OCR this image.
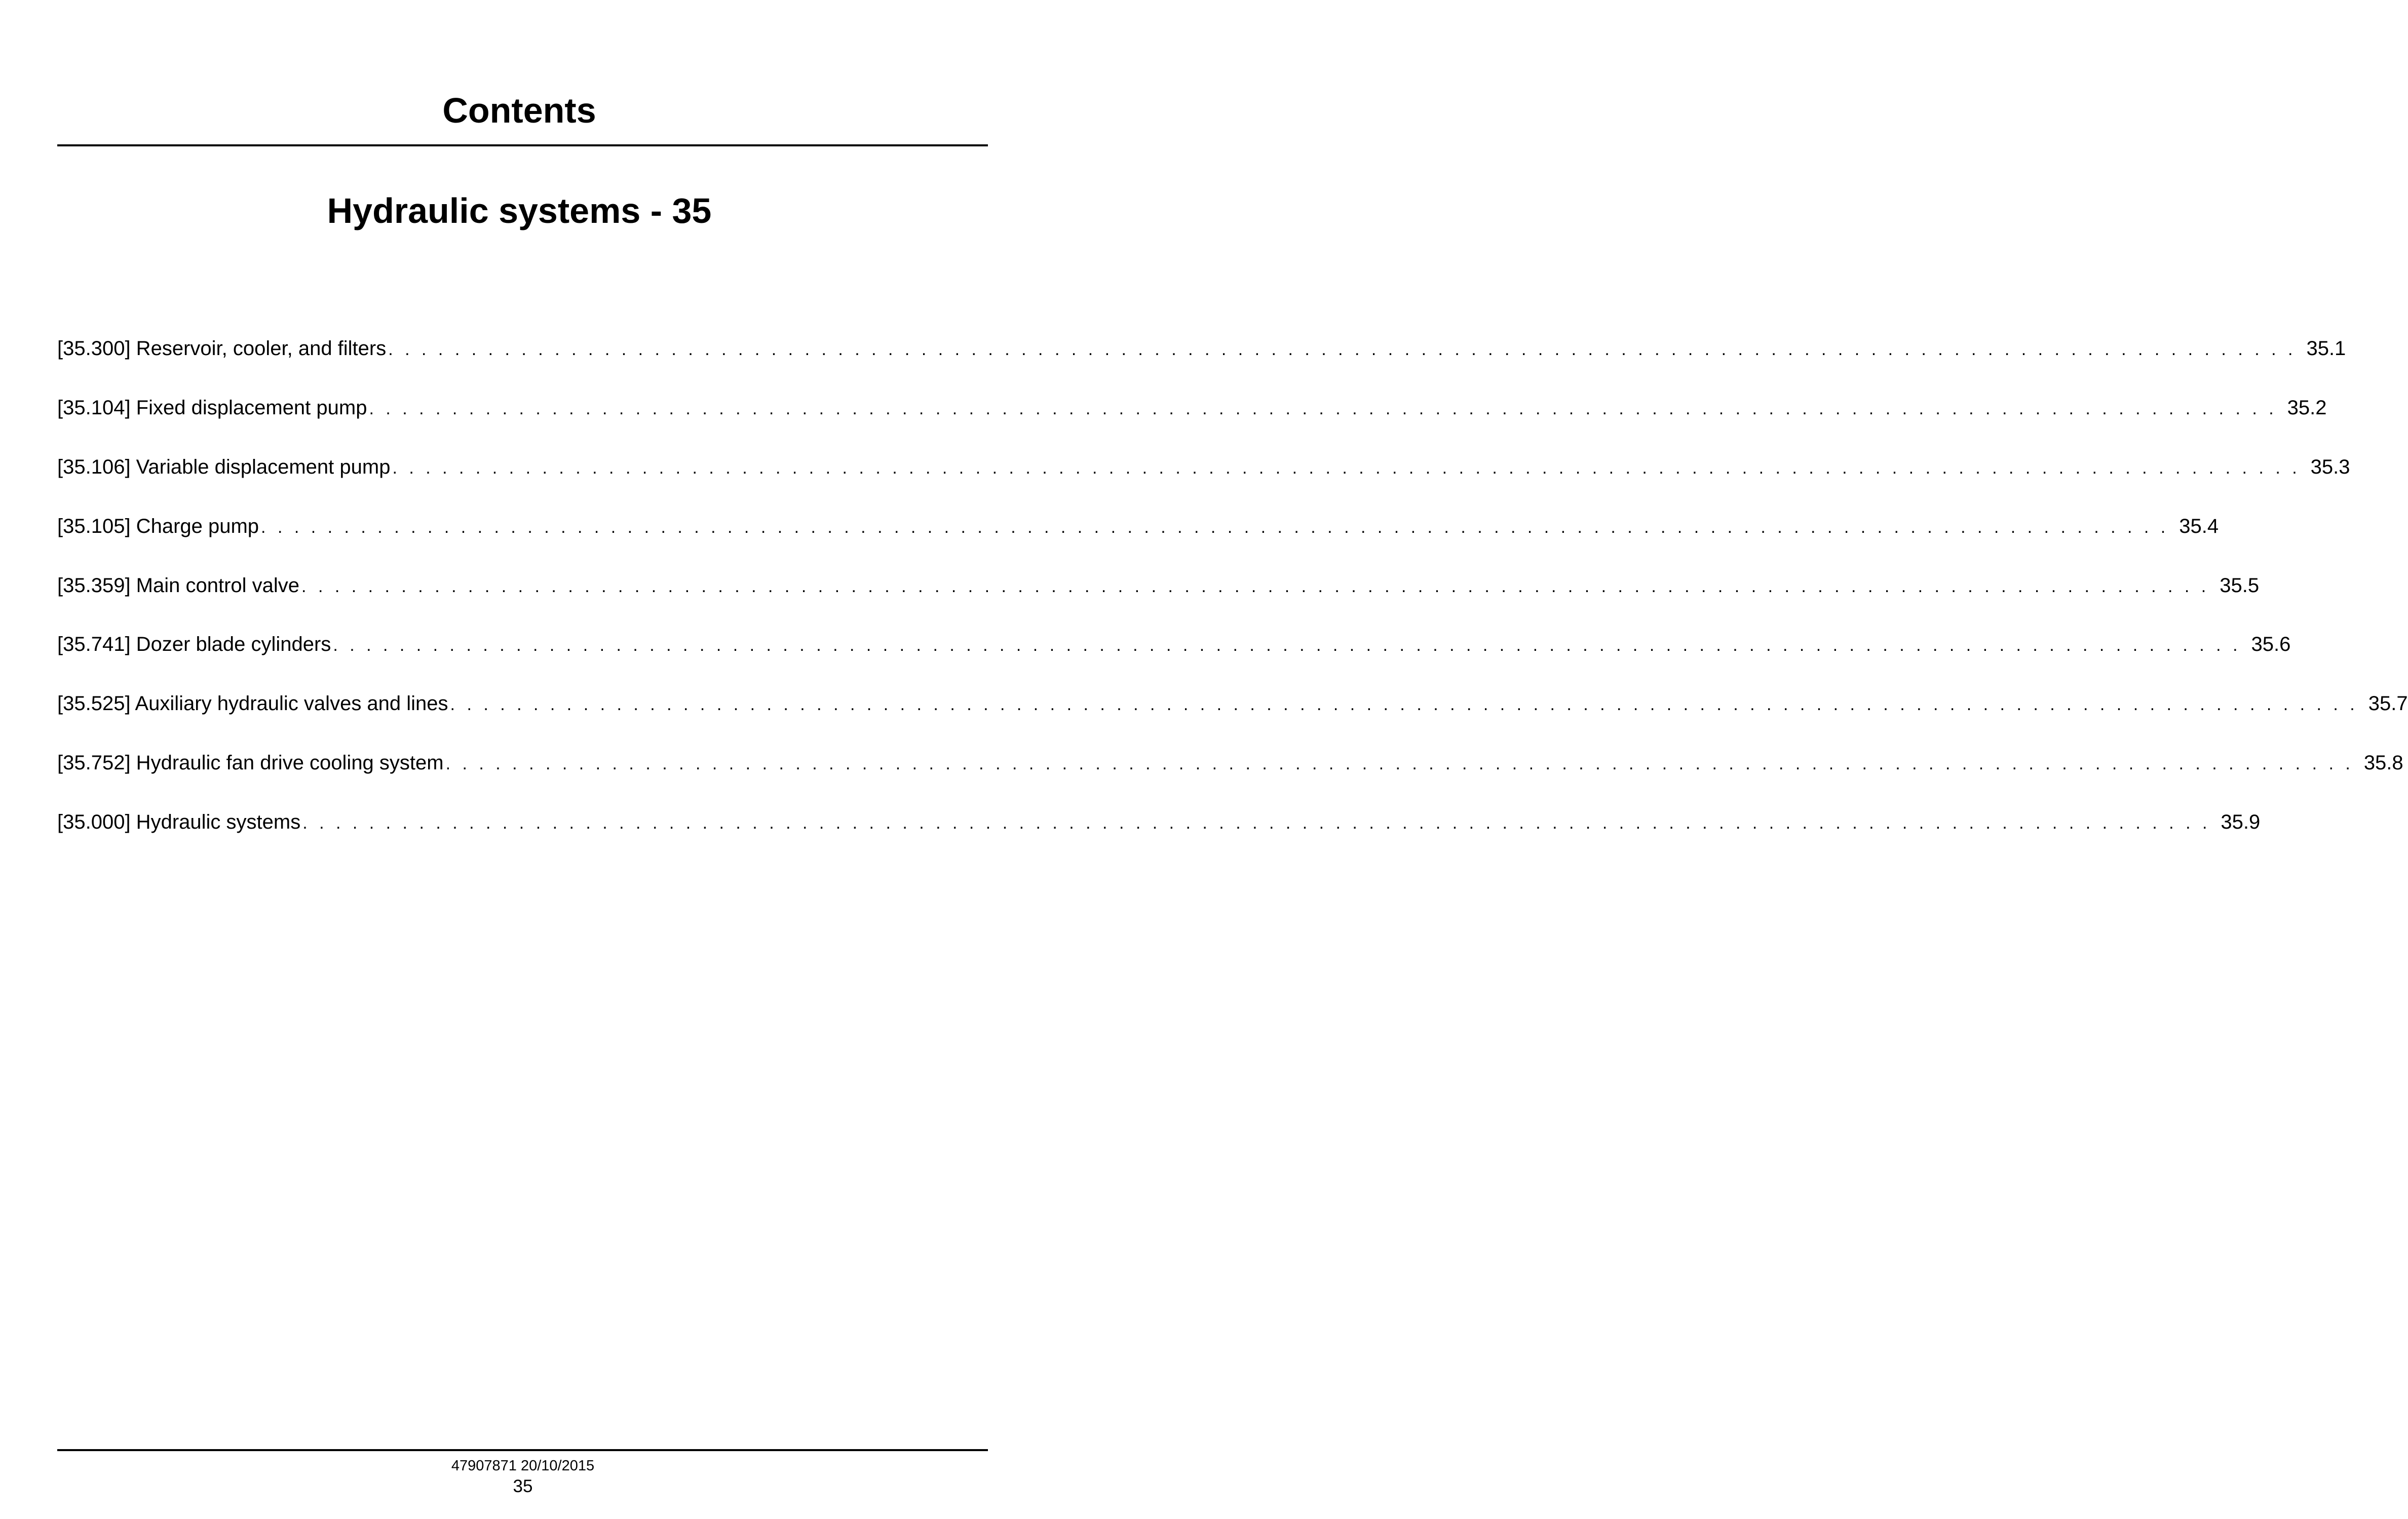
Contents
Hydraulic systems - 35
[35.300] Reservoir, cooler, and filters . . . . . . . . . . . . . . . . . . . . . . . . . . . . . . . . . . . . . . . . . . . . . . . . . . . . . . . . . . . . . . . . . . . . . . . . . . . . . . . . . . . . . . . . . . . . . . . . . . . . . . . . . . . . . . . . . . . 35.1
[35.104] Fixed displacement pump . . . . . . . . . . . . . . . . . . . . . . . . . . . . . . . . . . . . . . . . . . . . . . . . . . . . . . . . . . . . . . . . . . . . . . . . . . . . . . . . . . . . . . . . . . . . . . . . . . . . . . . . . . . . . . . . . . . 35.2
[35.106] Variable displacement pump . . . . . . . . . . . . . . . . . . . . . . . . . . . . . . . . . . . . . . . . . . . . . . . . . . . . . . . . . . . . . . . . . . . . . . . . . . . . . . . . . . . . . . . . . . . . . . . . . . . . . . . . . . . . . . . . . . . 35.3
[35.105] Charge pump . . . . . . . . . . . . . . . . . . . . . . . . . . . . . . . . . . . . . . . . . . . . . . . . . . . . . . . . . . . . . . . . . . . . . . . . . . . . . . . . . . . . . . . . . . . . . . . . . . . . . . . . . . . . . . . . . . . 35.4
[35.359] Main control valve . . . . . . . . . . . . . . . . . . . . . . . . . . . . . . . . . . . . . . . . . . . . . . . . . . . . . . . . . . . . . . . . . . . . . . . . . . . . . . . . . . . . . . . . . . . . . . . . . . . . . . . . . . . . . . . . . . . 35.5
[35.741] Dozer blade cylinders . . . . . . . . . . . . . . . . . . . . . . . . . . . . . . . . . . . . . . . . . . . . . . . . . . . . . . . . . . . . . . . . . . . . . . . . . . . . . . . . . . . . . . . . . . . . . . . . . . . . . . . . . . . . . . . . . . . 35.6
[35.525] Auxiliary hydraulic valves and lines . . . . . . . . . . . . . . . . . . . . . . . . . . . . . . . . . . . . . . . . . . . . . . . . . . . . . . . . . . . . . . . . . . . . . . . . . . . . . . . . . . . . . . . . . . . . . . . . . . . . . . . . . . . . . . . . . . . 35.7
[35.752] Hydraulic fan drive cooling system . . . . . . . . . . . . . . . . . . . . . . . . . . . . . . . . . . . . . . . . . . . . . . . . . . . . . . . . . . . . . . . . . . . . . . . . . . . . . . . . . . . . . . . . . . . . . . . . . . . . . . . . . . . . . . . . . . . 35.8
[35.000] Hydraulic systems . . . . . . . . . . . . . . . . . . . . . . . . . . . . . . . . . . . . . . . . . . . . . . . . . . . . . . . . . . . . . . . . . . . . . . . . . . . . . . . . . . . . . . . . . . . . . . . . . . . . . . . . . . . . . . . . . . . 35.9
47907871 20/10/2015
35
